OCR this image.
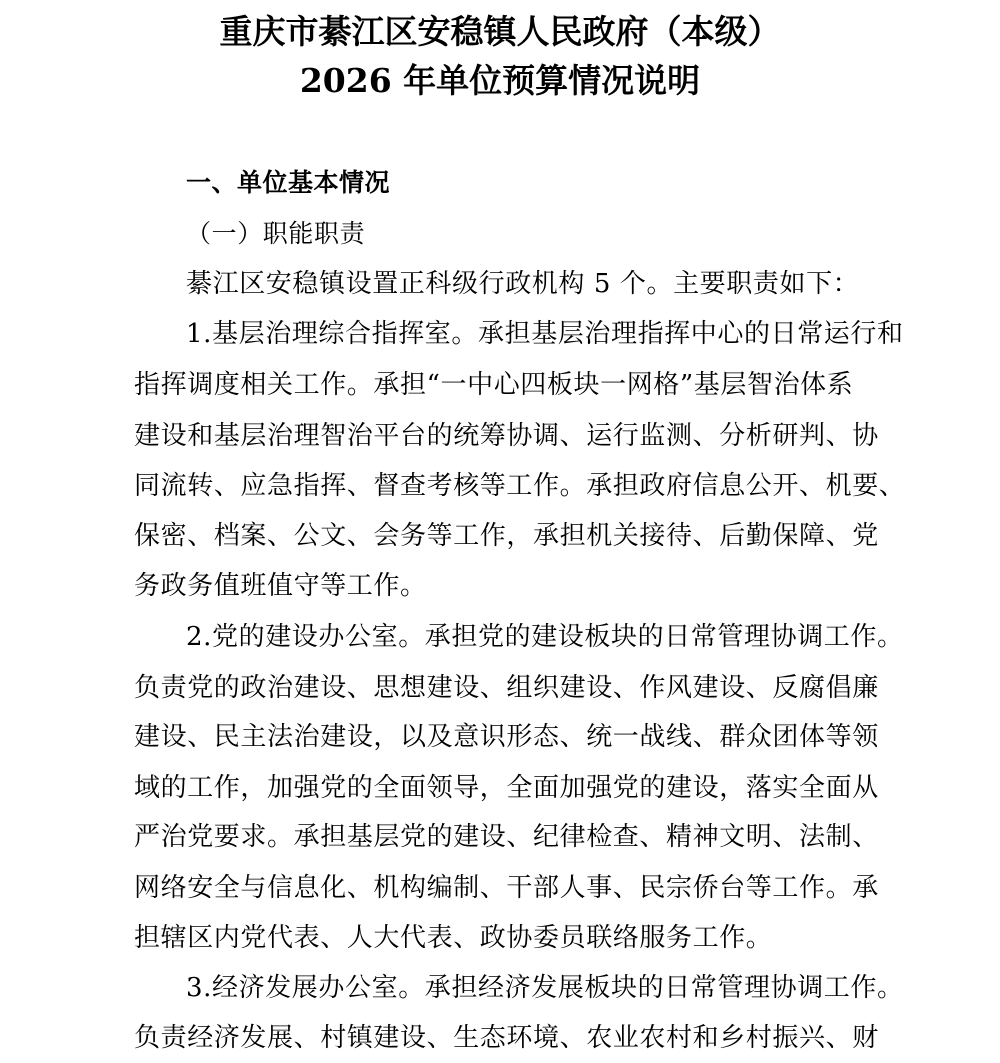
重庆市綦江区安稳镇人民政府（本级）
2026 年单位预算情况说明
一、单位基本情况
（一）职能职责
綦江区安稳镇设置正科级行政机构 5 个。主要职责如下：
1.基层治理综合指挥室。承担基层治理指挥中心的日常运行和
指挥调度相关工作。承担“一中心四板块一网格”基层智治体系
建设和基层治理智治平台的统筹协调、运行监测、分析研判、协
同流转、应急指挥、督查考核等工作。承担政府信息公开、机要、
保密、档案、公文、会务等工作，承担机关接待、后勤保障、党
务政务值班值守等工作。
2.党的建设办公室。承担党的建设板块的日常管理协调工作。
负责党的政治建设、思想建设、组织建设、作风建设、反腐倡廉
建设、民主法治建设，以及意识形态、统一战线、群众团体等领
域的工作，加强党的全面领导，全面加强党的建设，落实全面从
严治党要求。承担基层党的建设、纪律检查、精神文明、法制、
网络安全与信息化、机构编制、干部人事、民宗侨台等工作。承
担辖区内党代表、人大代表、政协委员联络服务工作。
3.经济发展办公室。承担经济发展板块的日常管理协调工作。
负责经济发展、村镇建设、生态环境、农业农村和乡村振兴、财
